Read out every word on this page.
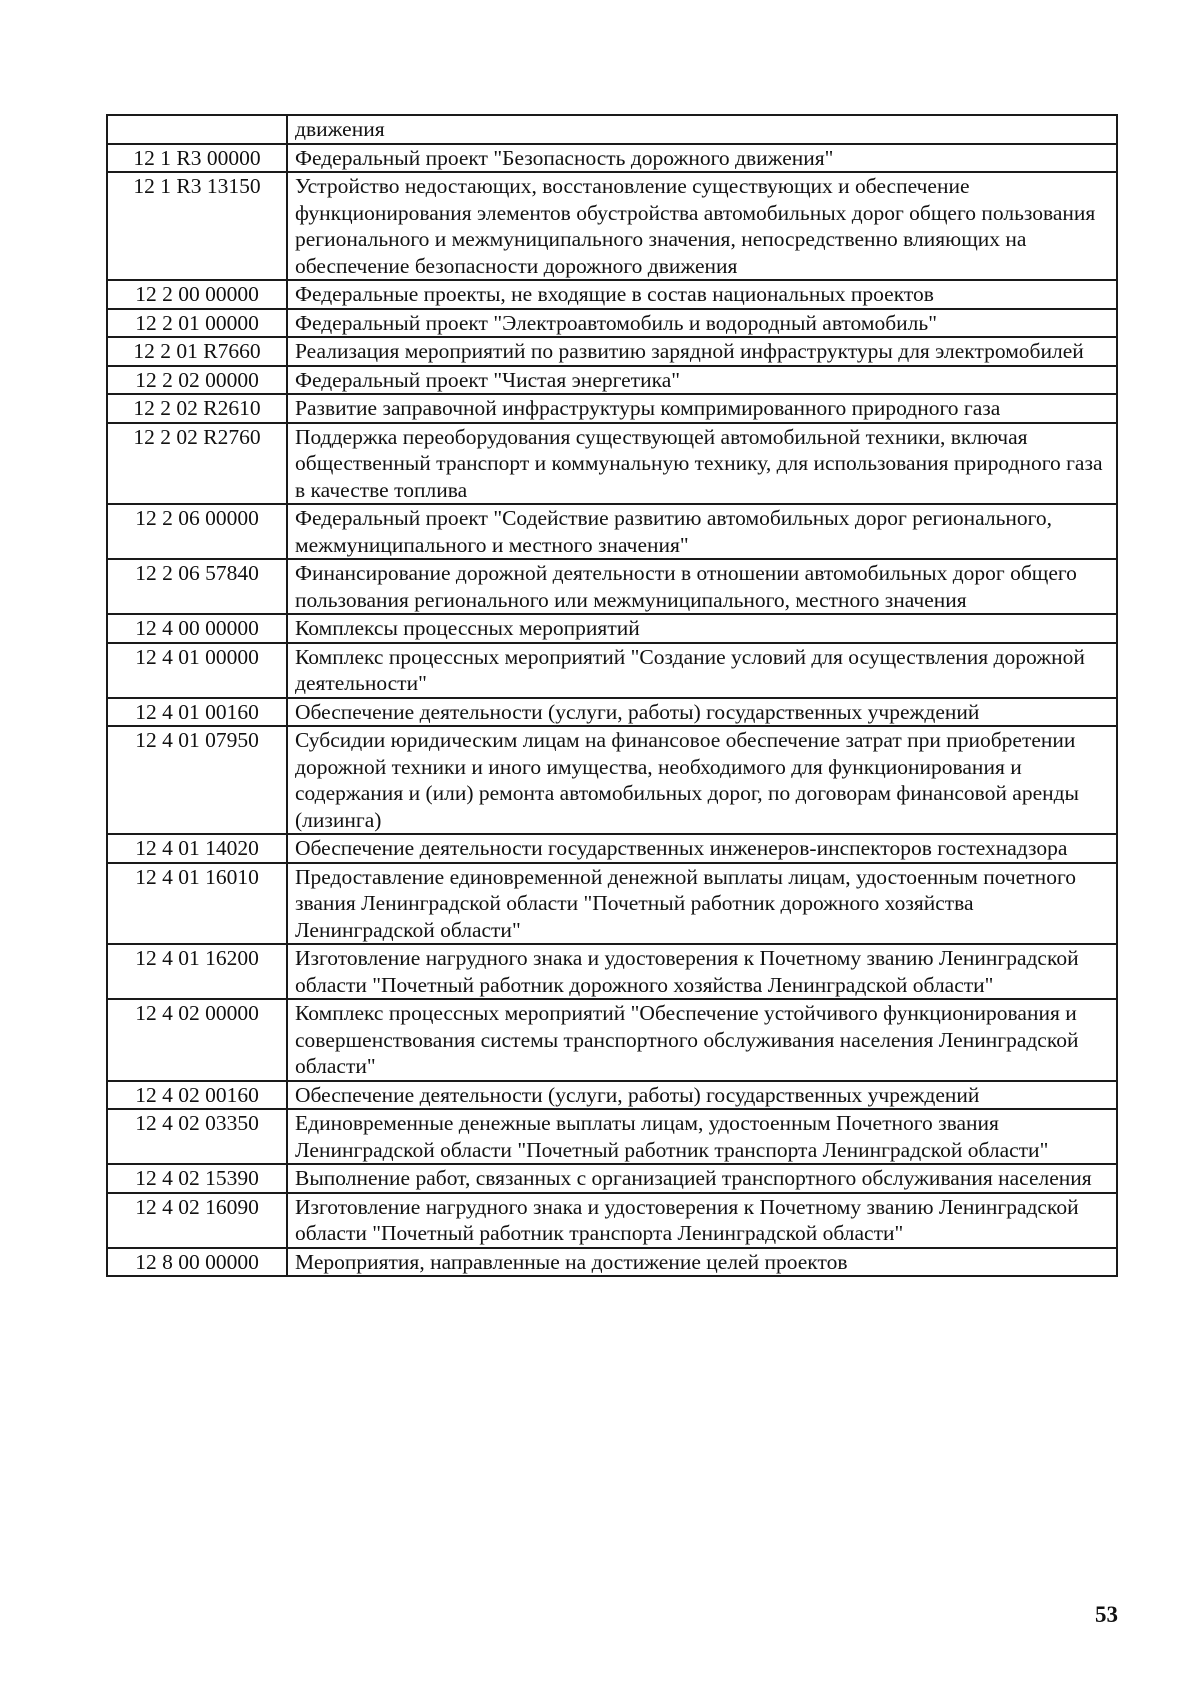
	движения
12 1 R3 00000	Федеральный проект "Безопасность дорожного движения"
12 1 R3 13150	Устройство недостающих, восстановление существующих и обеспечение функционирования элементов обустройства автомобильных дорог общего пользования регионального и межмуниципального значения, непосредственно влияющих на обеспечение безопасности дорожного движения
12 2 00 00000	Федеральные проекты, не входящие в состав национальных проектов
12 2 01 00000	Федеральный проект "Электроавтомобиль и водородный автомобиль"
12 2 01 R7660	Реализация мероприятий по развитию зарядной инфраструктуры для электромобилей
12 2 02 00000	Федеральный проект "Чистая энергетика"
12 2 02 R2610	Развитие заправочной инфраструктуры компримированного природного газа
12 2 02 R2760	Поддержка переоборудования существующей автомобильной техники, включая общественный транспорт и коммунальную технику, для использования природного газа в качестве топлива
12 2 06 00000	Федеральный проект "Содействие развитию автомобильных дорог регионального, межмуниципального и местного значения"
12 2 06 57840	Финансирование дорожной деятельности в отношении автомобильных дорог общего пользования регионального или межмуниципального, местного значения
12 4 00 00000	Комплексы процессных мероприятий
12 4 01 00000	Комплекс процессных мероприятий "Создание условий для осуществления дорожной деятельности"
12 4 01 00160	Обеспечение деятельности (услуги, работы) государственных учреждений
12 4 01 07950	Субсидии юридическим лицам на финансовое обеспечение затрат при приобретении дорожной техники и иного имущества, необходимого для функционирования и содержания и (или) ремонта автомобильных дорог, по договорам финансовой аренды (лизинга)
12 4 01 14020	Обеспечение деятельности государственных инженеров-инспекторов гостехнадзора
12 4 01 16010	Предоставление единовременной денежной выплаты лицам, удостоенным почетного звания Ленинградской области "Почетный работник дорожного хозяйства Ленинградской области"
12 4 01 16200	Изготовление нагрудного знака и удостоверения к Почетному званию Ленинградской области "Почетный работник дорожного хозяйства Ленинградской области"
12 4 02 00000	Комплекс процессных мероприятий "Обеспечение устойчивого функционирования и совершенствования системы транспортного обслуживания населения Ленинградской области"
12 4 02 00160	Обеспечение деятельности (услуги, работы) государственных учреждений
12 4 02 03350	Единовременные денежные выплаты лицам, удостоенным Почетного звания Ленинградской области "Почетный работник транспорта Ленинградской области"
12 4 02 15390	Выполнение работ, связанных с организацией транспортного обслуживания населения
12 4 02 16090	Изготовление нагрудного знака и удостоверения к Почетному званию Ленинградской области "Почетный работник транспорта Ленинградской области"
12 8 00 00000	Мероприятия, направленные на достижение целей проектов
53
